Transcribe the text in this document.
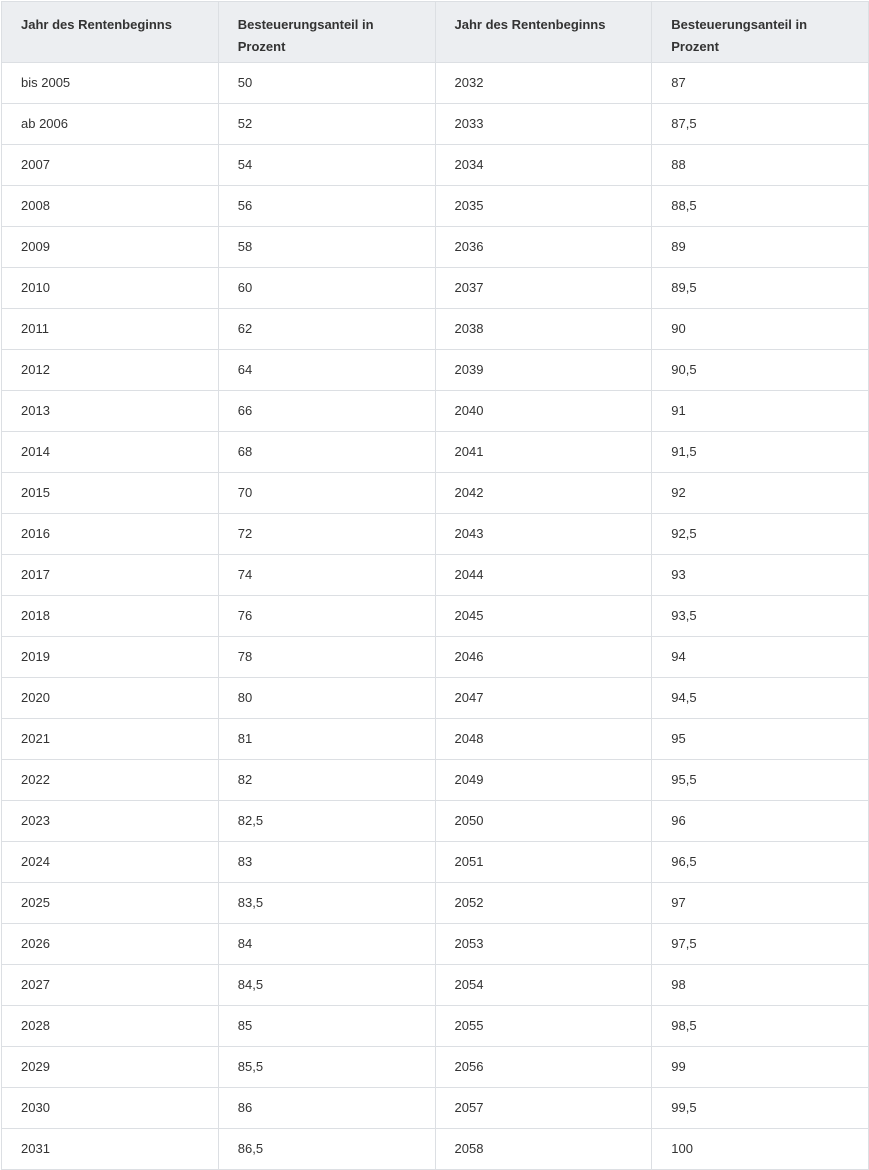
Jahr des Rentenbeginns	Besteuerungsanteil in Prozent	Jahr des Rentenbeginns	Besteuerungsanteil in Prozent
bis 2005	50	2032	87
ab 2006	52	2033	87,5
2007	54	2034	88
2008	56	2035	88,5
2009	58	2036	89
2010	60	2037	89,5
2011	62	2038	90
2012	64	2039	90,5
2013	66	2040	91
2014	68	2041	91,5
2015	70	2042	92
2016	72	2043	92,5
2017	74	2044	93
2018	76	2045	93,5
2019	78	2046	94
2020	80	2047	94,5
2021	81	2048	95
2022	82	2049	95,5
2023	82,5	2050	96
2024	83	2051	96,5
2025	83,5	2052	97
2026	84	2053	97,5
2027	84,5	2054	98
2028	85	2055	98,5
2029	85,5	2056	99
2030	86	2057	99,5
2031	86,5	2058	100
